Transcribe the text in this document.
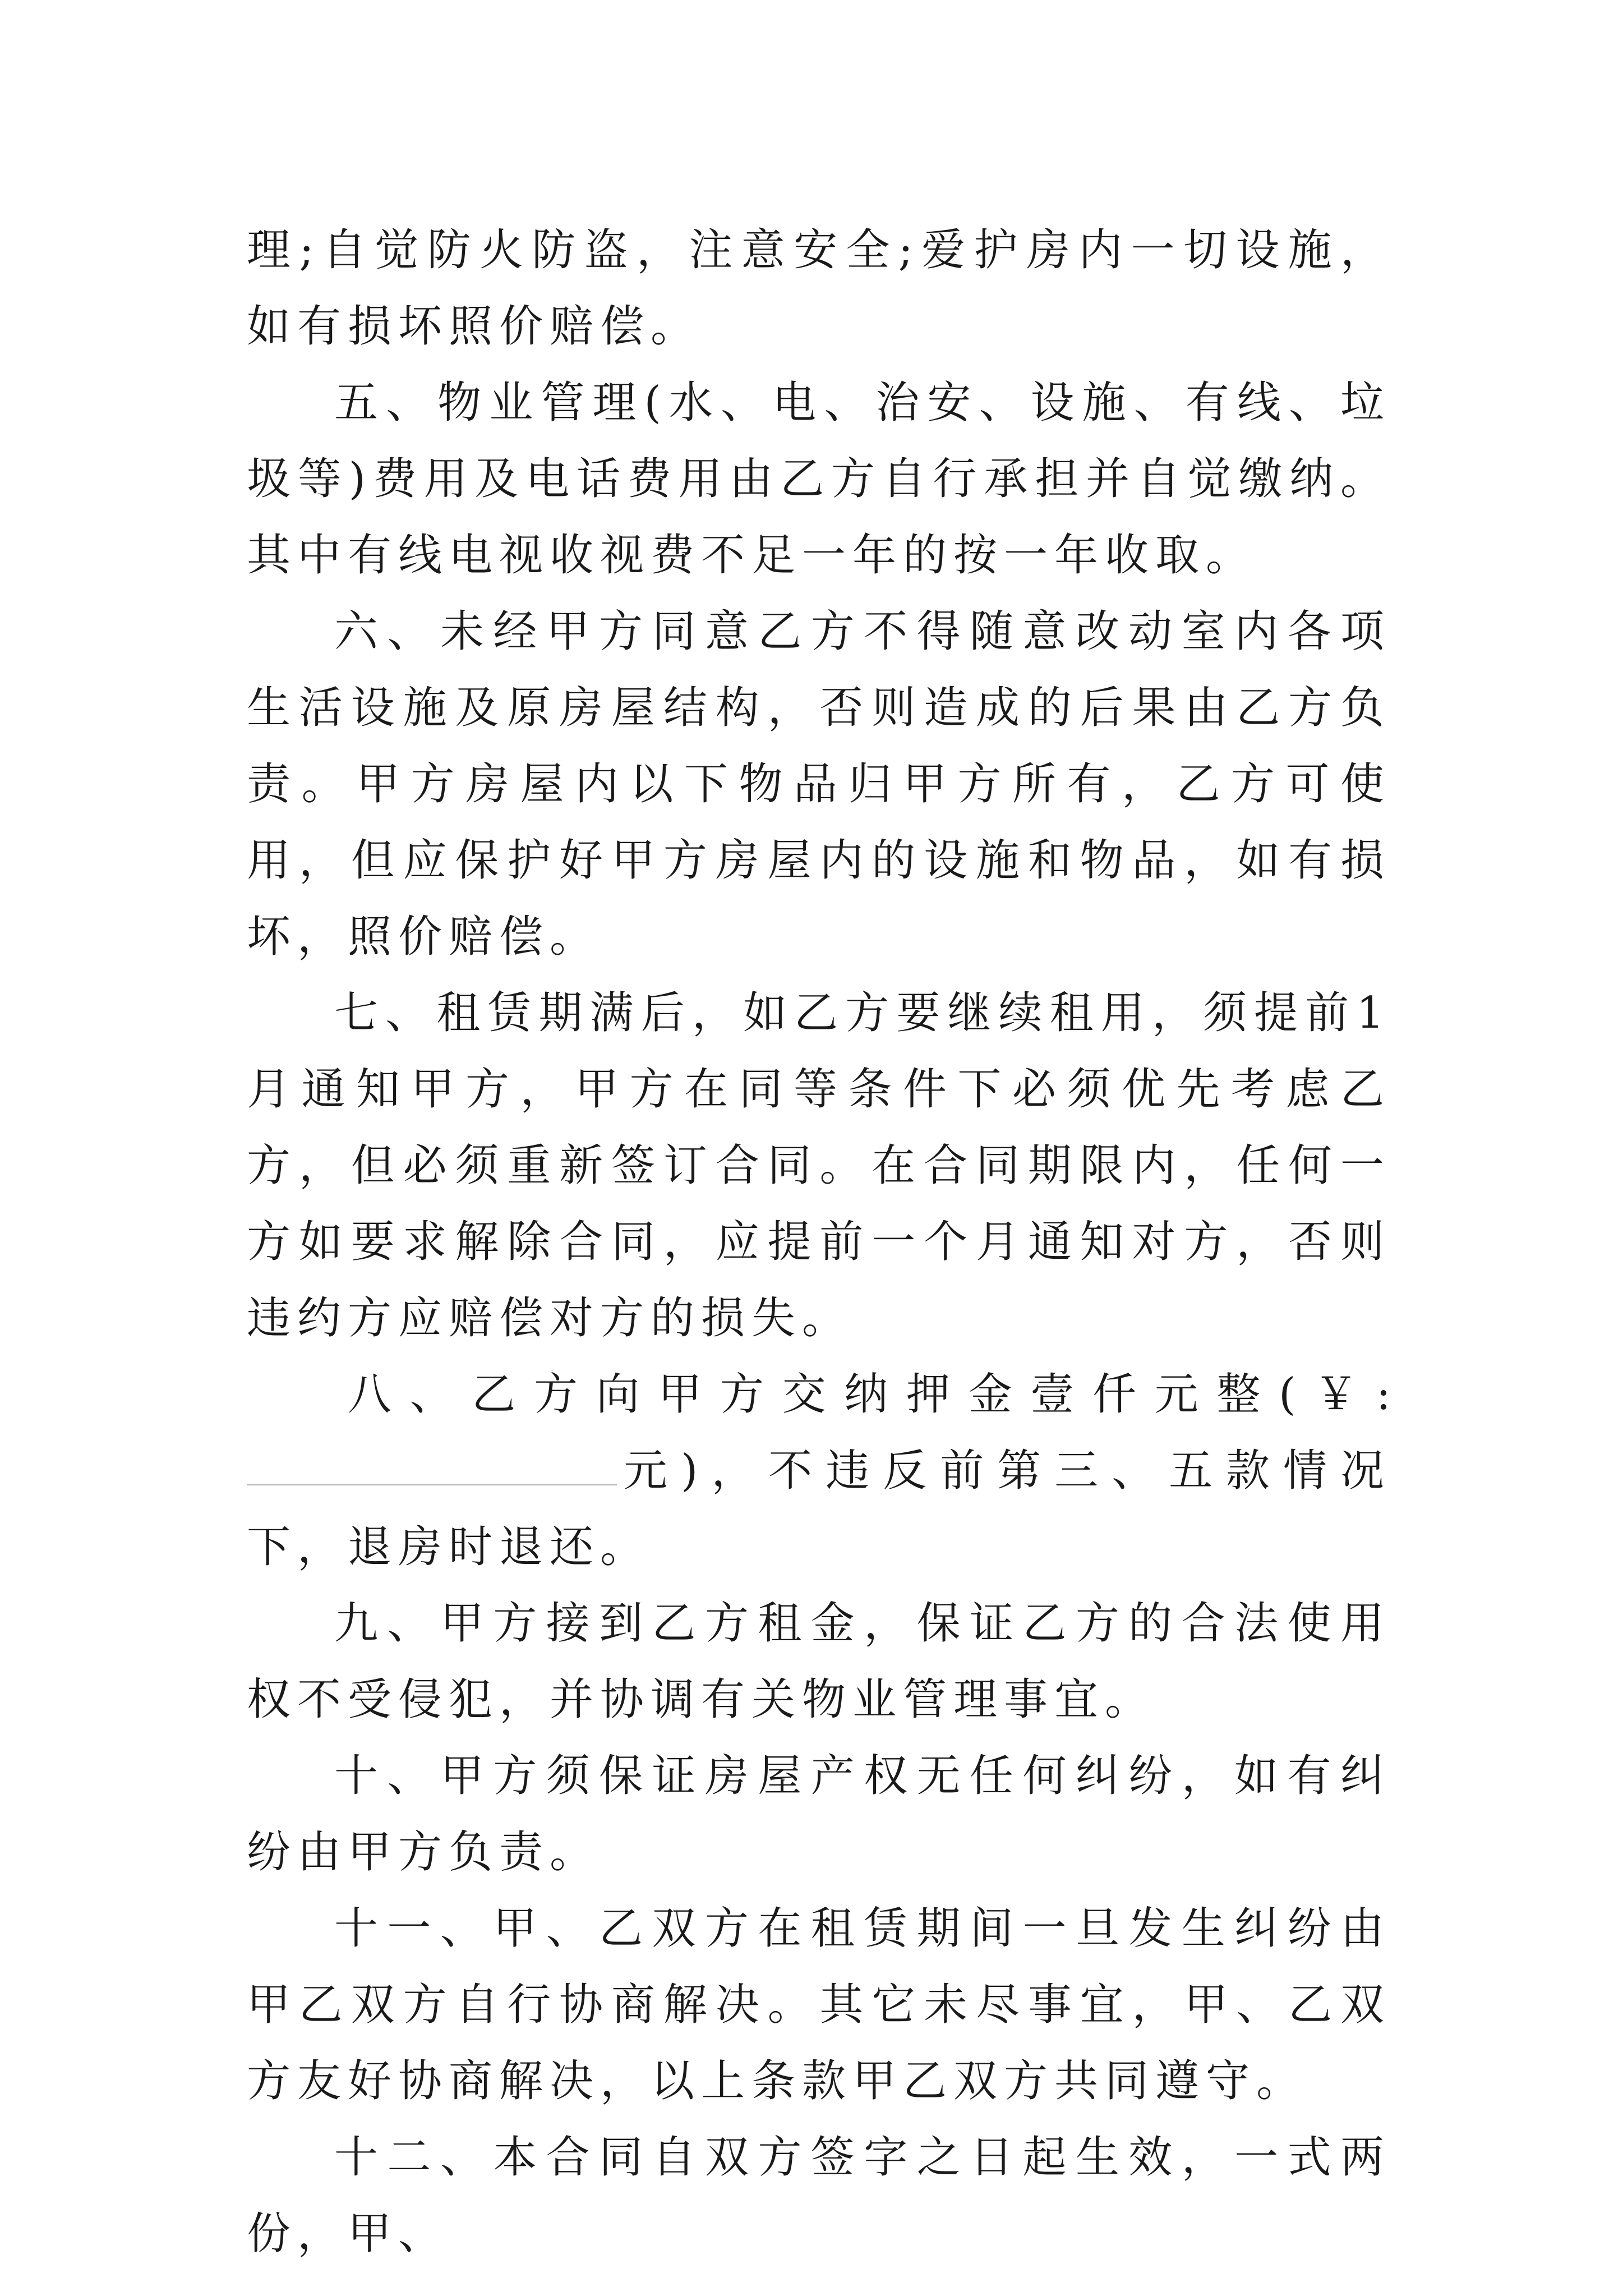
理;自觉防火防盗，注意安全;爱护房内一切设施，如有损坏照价赔偿。

五、物业管理(水、电、治安、设施、有线、垃圾等)费用及电话费用由乙方自行承担并自觉缴纳。其中有线电视收视费不足一年的按一年收取。

六、未经甲方同意乙方不得随意改动室内各项生活设施及原房屋结构，否则造成的后果由乙方负责。甲方房屋内以下物品归甲方所有，乙方可使用，但应保护好甲方房屋内的设施和物品，如有损坏，照价赔偿。

七、租赁期满后，如乙方要继续租用，须提前1月通知甲方，甲方在同等条件下必须优先考虑乙方，但必须重新签订合同。在合同期限内，任何一方如要求解除合同，应提前一个月通知对方，否则违约方应赔偿对方的损失。

八、乙方向甲方交纳押金壹仟元整(￥:

元)，不违反前第三、五款情况下，退房时退还。

九、甲方接到乙方租金，保证乙方的合法使用权不受侵犯，并协调有关物业管理事宜。

十、甲方须保证房屋产权无任何纠纷，如有纠纷由甲方负责。

十一、甲、乙双方在租赁期间一旦发生纠纷由甲乙双方自行协商解决。其它未尽事宜，甲、乙双方友好协商解决，以上条款甲乙双方共同遵守。

十二、本合同自双方签字之日起生效，一式两份，甲、
